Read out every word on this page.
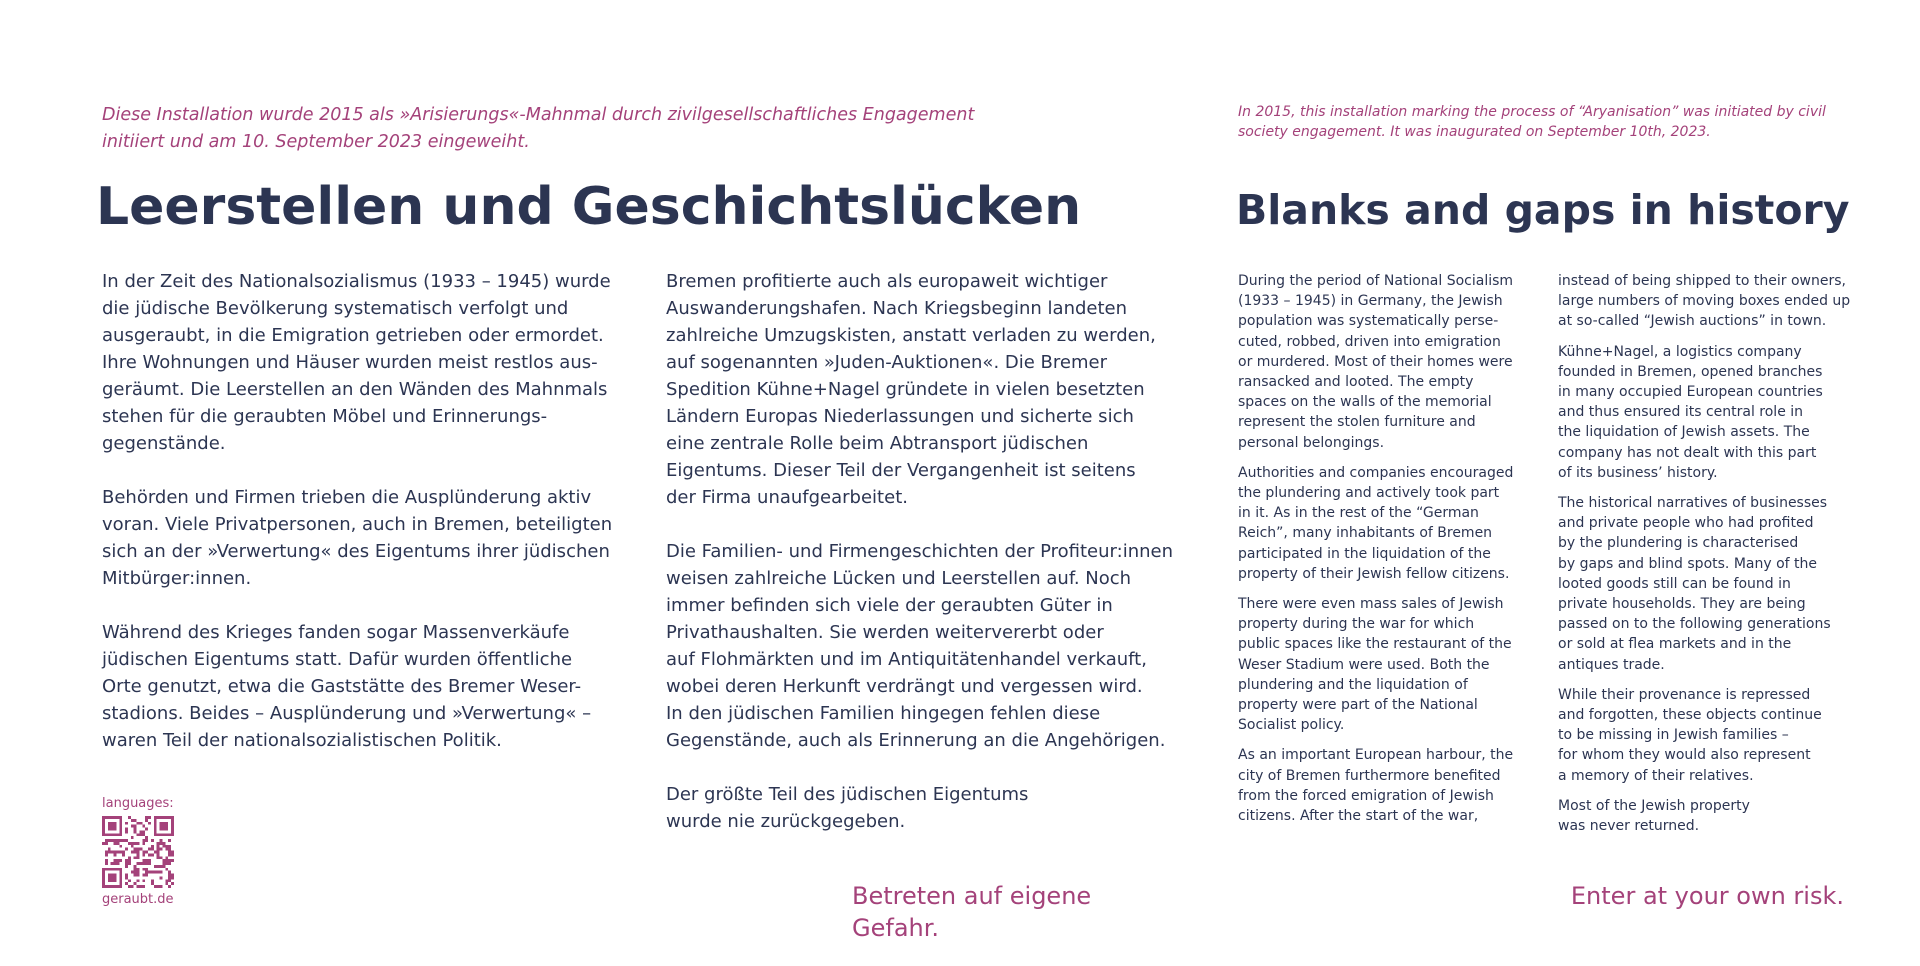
Diese Installation wurde 2015 als »Arisierungs«-Mahnmal durch zivilgesellschaftliches Engagement
initiiert und am 10. September 2023 eingeweiht.
In 2015, this installation marking the process of “Aryanisation” was initiated by civil
society engagement. It was inaugurated on September 10th, 2023.
Leerstellen und Geschichtslücken	Blanks and gaps in history

In der Zeit des Nationalsozialismus (1933 – 1945) wurde
die jüdische Bevölkerung systematisch verfolgt und
ausgeraubt, in die Emigration getrieben oder ermordet.
Ihre Wohnungen und Häuser wurden meist restlos aus-
geräumt. Die Leerstellen an den Wänden des Mahnmals
stehen für die geraubten Möbel und Erinnerungs-
gegenstände.

Behörden und Firmen trieben die Ausplünderung aktiv
voran. Viele Privatpersonen, auch in Bremen, beteiligten
sich an der »Verwertung« des Eigentums ihrer jüdischen
Mitbürger:innen.

Während des Krieges fanden sogar Massenverkäufe
jüdischen Eigentums statt. Dafür wurden öffentliche
Orte genutzt, etwa die Gaststätte des Bremer Weser-
stadions. Beides – Ausplünderung und »Verwertung« –
waren Teil der nationalsozialistischen Politik.

Bremen profitierte auch als europaweit wichtiger
Auswanderungshafen. Nach Kriegsbeginn landeten
zahlreiche Umzugskisten, anstatt verladen zu werden,
auf sogenannten »Juden-Auktionen«. Die Bremer
Spedition Kühne+Nagel gründete in vielen besetzten
Ländern Europas Niederlassungen und sicherte sich
eine zentrale Rolle beim Abtransport jüdischen
Eigentums. Dieser Teil der Vergangenheit ist seitens
der Firma unaufgearbeitet.

Die Familien- und Firmengeschichten der Profiteur:innen
weisen zahlreiche Lücken und Leerstellen auf. Noch
immer befinden sich viele der geraubten Güter in
Privathaushalten. Sie werden weitervererbt oder
auf Flohmärkten und im Antiquitätenhandel verkauft,
wobei deren Herkunft verdrängt und vergessen wird.
In den jüdischen Familien hingegen fehlen diese
Gegenstände, auch als Erinnerung an die Angehörigen.

Der größte Teil des jüdischen Eigentums
wurde nie zurückgegeben.

During the period of National Socialism
(1933 – 1945) in Germany, the Jewish
population was systematically perse-
cuted, robbed, driven into emigration
or murdered. Most of their homes were
ransacked and looted. The empty
spaces on the walls of the memorial
represent the stolen furniture and
personal belongings.

Authorities and companies encouraged
the plundering and actively took part
in it. As in the rest of the “German
Reich”, many inhabitants of Bremen
participated in the liquidation of the
property of their Jewish fellow citizens.

There were even mass sales of Jewish
property during the war for which
public spaces like the restaurant of the
Weser Stadium were used. Both the
plundering and the liquidation of
property were part of the National
Socialist policy.

As an important European harbour, the
city of Bremen furthermore benefited
from the forced emigration of Jewish
citizens. After the start of the war,

instead of being shipped to their owners,
large numbers of moving boxes ended up
at so-called “Jewish auctions” in town.

Kühne+Nagel, a logistics company
founded in Bremen, opened branches
in many occupied European countries
and thus ensured its central role in
the liquidation of Jewish assets. The
company has not dealt with this part
of its business’ history.

The historical narratives of businesses
and private people who had profited
by the plundering is characterised
by gaps and blind spots. Many of the
looted goods still can be found in
private households. They are being
passed on to the following generations
or sold at flea markets and in the
antiques trade.

While their provenance is repressed
and forgotten, these objects continue
to be missing in Jewish families –
for whom they would also represent
a memory of their relatives.

Most of the Jewish property
was never returned.

languages:
geraubt.de	Betreten auf eigene Gefahr.
Enter at your own risk.
